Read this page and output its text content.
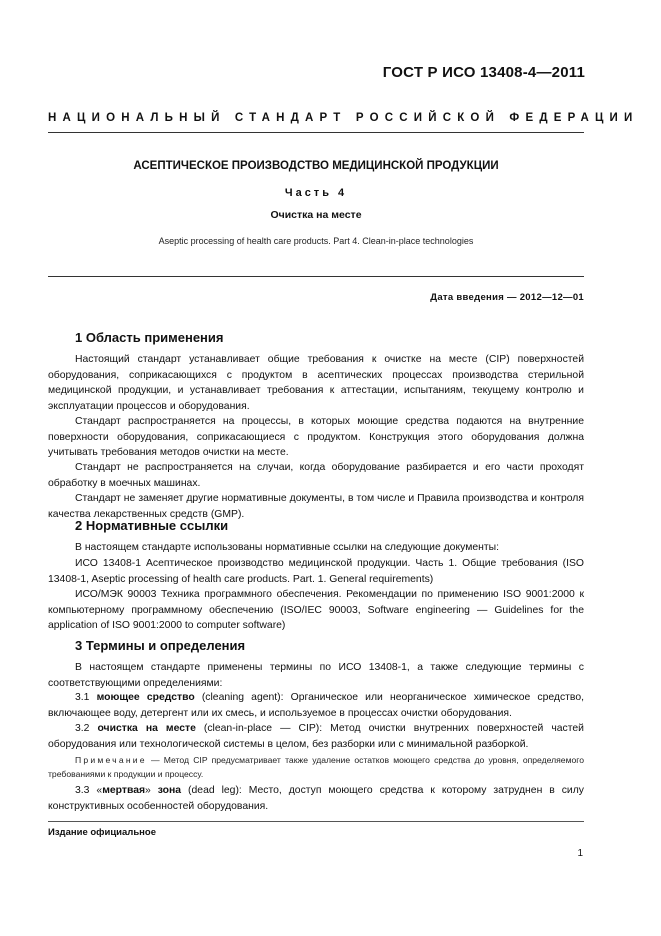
ГОСТ Р ИСО 13408-4—2011
НАЦИОНАЛЬНЫЙ СТАНДАРТ РОССИЙСКОЙ ФЕДЕРАЦИИ
АСЕПТИЧЕСКОЕ ПРОИЗВОДСТВО МЕДИЦИНСКОЙ ПРОДУКЦИИ
Часть 4
Очистка на месте
Aseptic processing of health care products. Part 4. Clean-in-place technologies
Дата введения — 2012—12—01
1 Область применения

Настоящий стандарт устанавливает общие требования к очистке на месте (CIP) поверхностей оборудования, соприкасающихся с продуктом в асептических процессах производства стерильной медицинской продукции, и устанавливает требования к аттестации, испытаниям, текущему контролю и эксплуатации процессов и оборудования.

Стандарт распространяется на процессы, в которых моющие средства подаются на внутренние поверхности оборудования, соприкасающиеся с продуктом. Конструкция этого оборудования должна учитывать требования методов очистки на месте.

Стандарт не распространяется на случаи, когда оборудование разбирается и его части проходят обработку в моечных машинах.

Стандарт не заменяет другие нормативные документы, в том числе и Правила производства и контроля качества лекарственных средств (GMP).

2 Нормативные ссылки

В настоящем стандарте использованы нормативные ссылки на следующие документы:

ИСО 13408-1 Асептическое производство медицинской продукции. Часть 1. Общие требования (ISO 13408-1, Aseptic processing of health care products. Part. 1. General requirements)

ИСО/МЭК 90003 Техника программного обеспечения. Рекомендации по применению ISO 9001:2000 к компьютерному программному обеспечению (ISO/IEC 90003, Software engineering — Guidelines for the application of ISO 9001:2000 to computer software)

3 Термины и определения

В настоящем стандарте применены термины по ИСО 13408-1, а также следующие термины с соответствующими определениями:

3.1 моющее средство (cleaning agent): Органическое или неорганическое химическое средство, включающее воду, детергент или их смесь, и используемое в процессах очистки оборудования.

3.2 очистка на месте (clean-in-place — CIP): Метод очистки внутренних поверхностей частей оборудования или технологической системы в целом, без разборки или с минимальной разборкой.

Примечание — Метод CIP предусматривает также удаление остатков моющего средства до уровня, определяемого требованиями к продукции и процессу.

3.3 «мертвая» зона (dead leg): Место, доступ моющего средства к которому затруднен в силу конструктивных особенностей оборудования.

Издание официальное
1
